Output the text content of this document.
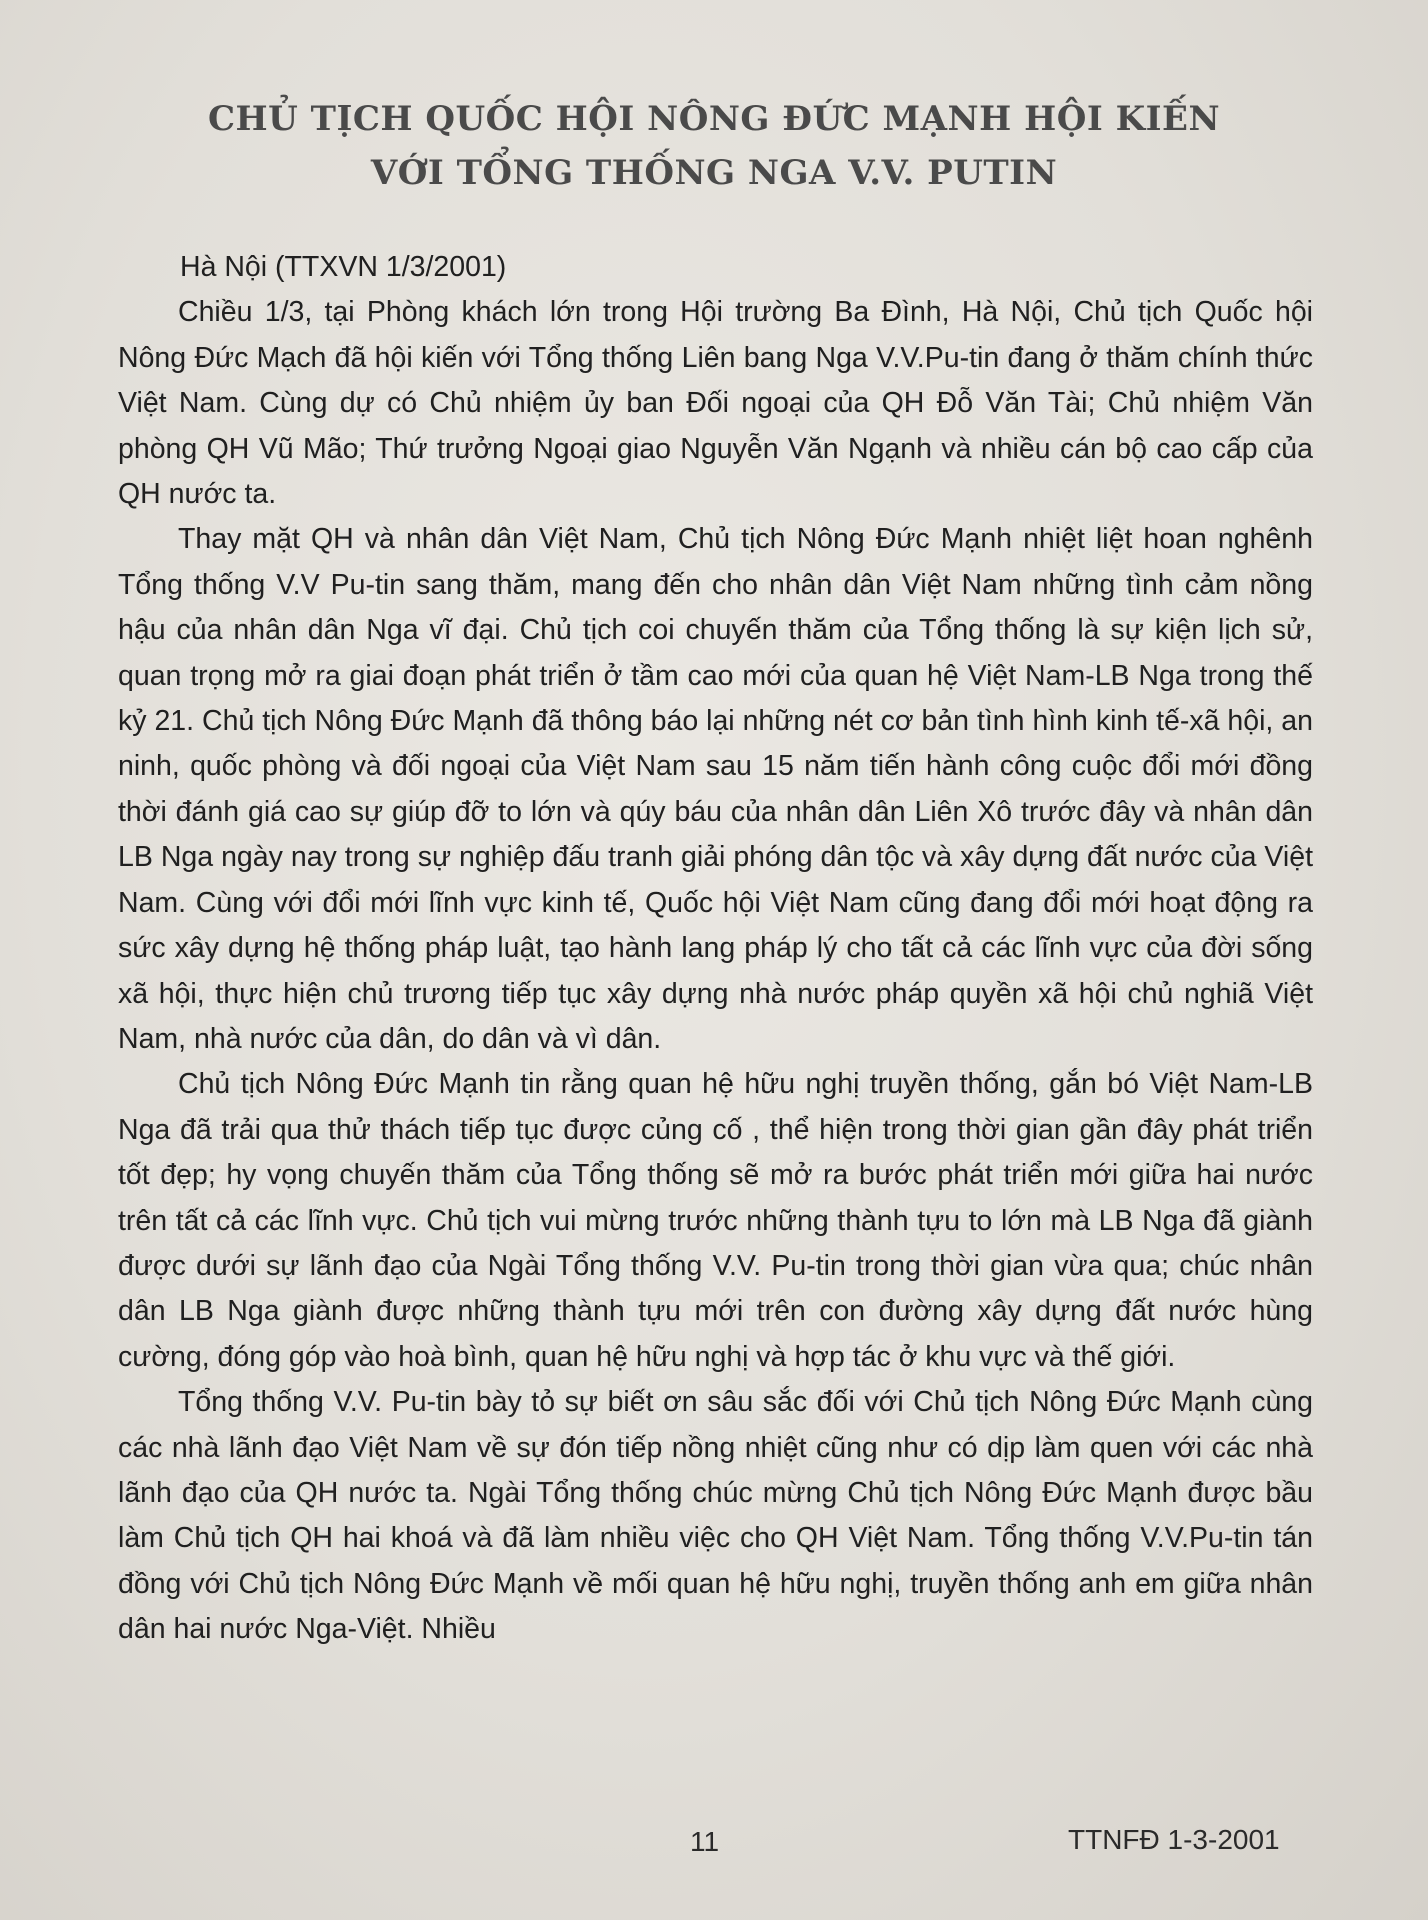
CHỦ TỊCH QUỐC HỘI NÔNG ĐỨC MẠNH HỘI KIẾN
VỚI TỔNG THỐNG NGA V.V. PUTIN

Hà Nội (TTXVN 1/3/2001)

Chiều 1/3, tại Phòng khách lớn trong Hội trường Ba Đình, Hà Nội, Chủ tịch Quốc hội Nông Đức Mạch đã hội kiến với Tổng thống Liên bang Nga V.V.Pu-tin đang ở thăm chính thức Việt Nam. Cùng dự có Chủ nhiệm ủy ban Đối ngoại của QH Đỗ Văn Tài; Chủ nhiệm Văn phòng QH Vũ Mão; Thứ trưởng Ngoại giao Nguyễn Văn Ngạnh và nhiều cán bộ cao cấp của QH nước ta.

Thay mặt QH và nhân dân Việt Nam, Chủ tịch Nông Đức Mạnh nhiệt liệt hoan nghênh Tổng thống V.V Pu-tin sang thăm, mang đến cho nhân dân Việt Nam những tình cảm nồng hậu của nhân dân Nga vĩ đại. Chủ tịch coi chuyến thăm của Tổng thống là sự kiện lịch sử, quan trọng mở ra giai đoạn phát triển ở tầm cao mới của quan hệ Việt Nam-LB Nga trong thế kỷ 21. Chủ tịch Nông Đức Mạnh đã thông báo lại những nét cơ bản tình hình kinh tế-xã hội, an ninh, quốc phòng và đối ngoại của Việt Nam sau 15 năm tiến hành công cuộc đổi mới đồng thời đánh giá cao sự giúp đỡ to lớn và qúy báu của nhân dân Liên Xô trước đây và nhân dân LB Nga ngày nay trong sự nghiệp đấu tranh giải phóng dân tộc và xây dựng đất nước của Việt Nam. Cùng với đổi mới lĩnh vực kinh tế, Quốc hội Việt Nam cũng đang đổi mới hoạt động ra sức xây dựng hệ thống pháp luật, tạo hành lang pháp lý cho tất cả các lĩnh vực của đời sống xã hội, thực hiện chủ trương tiếp tục xây dựng nhà nước pháp quyền xã hội chủ nghiã Việt Nam, nhà nước của dân, do dân và vì dân.

Chủ tịch Nông Đức Mạnh tin rằng quan hệ hữu nghị truyền thống, gắn bó Việt Nam-LB Nga đã trải qua thử thách tiếp tục được củng cố , thể hiện trong thời gian gần đây phát triển tốt đẹp; hy vọng chuyến thăm của Tổng thống sẽ mở ra bước phát triển mới giữa hai nước trên tất cả các lĩnh vực. Chủ tịch vui mừng trước những thành tựu to lớn mà LB Nga đã giành được dưới sự lãnh đạo của Ngài Tổng thống V.V. Pu-tin trong thời gian vừa qua; chúc nhân dân LB Nga giành được những thành tựu mới trên con đường xây dựng đất nước hùng cường, đóng góp vào hoà bình, quan hệ hữu nghị và hợp tác ở khu vực và thế giới.

Tổng thống V.V. Pu-tin bày tỏ sự biết ơn sâu sắc đối với Chủ tịch Nông Đức Mạnh cùng các nhà lãnh đạo Việt Nam về sự đón tiếp nồng nhiệt cũng như có dịp làm quen với các nhà lãnh đạo của QH nước ta. Ngài Tổng thống chúc mừng Chủ tịch Nông Đức Mạnh được bầu làm Chủ tịch QH hai khoá và đã làm nhiều việc cho QH Việt Nam. Tổng thống V.V.Pu-tin tán đồng với Chủ tịch Nông Đức Mạnh về mối quan hệ hữu nghị, truyền thống anh em giữa nhân dân hai nước Nga-Việt. Nhiều

11	TTNFĐ 1-3-2001
